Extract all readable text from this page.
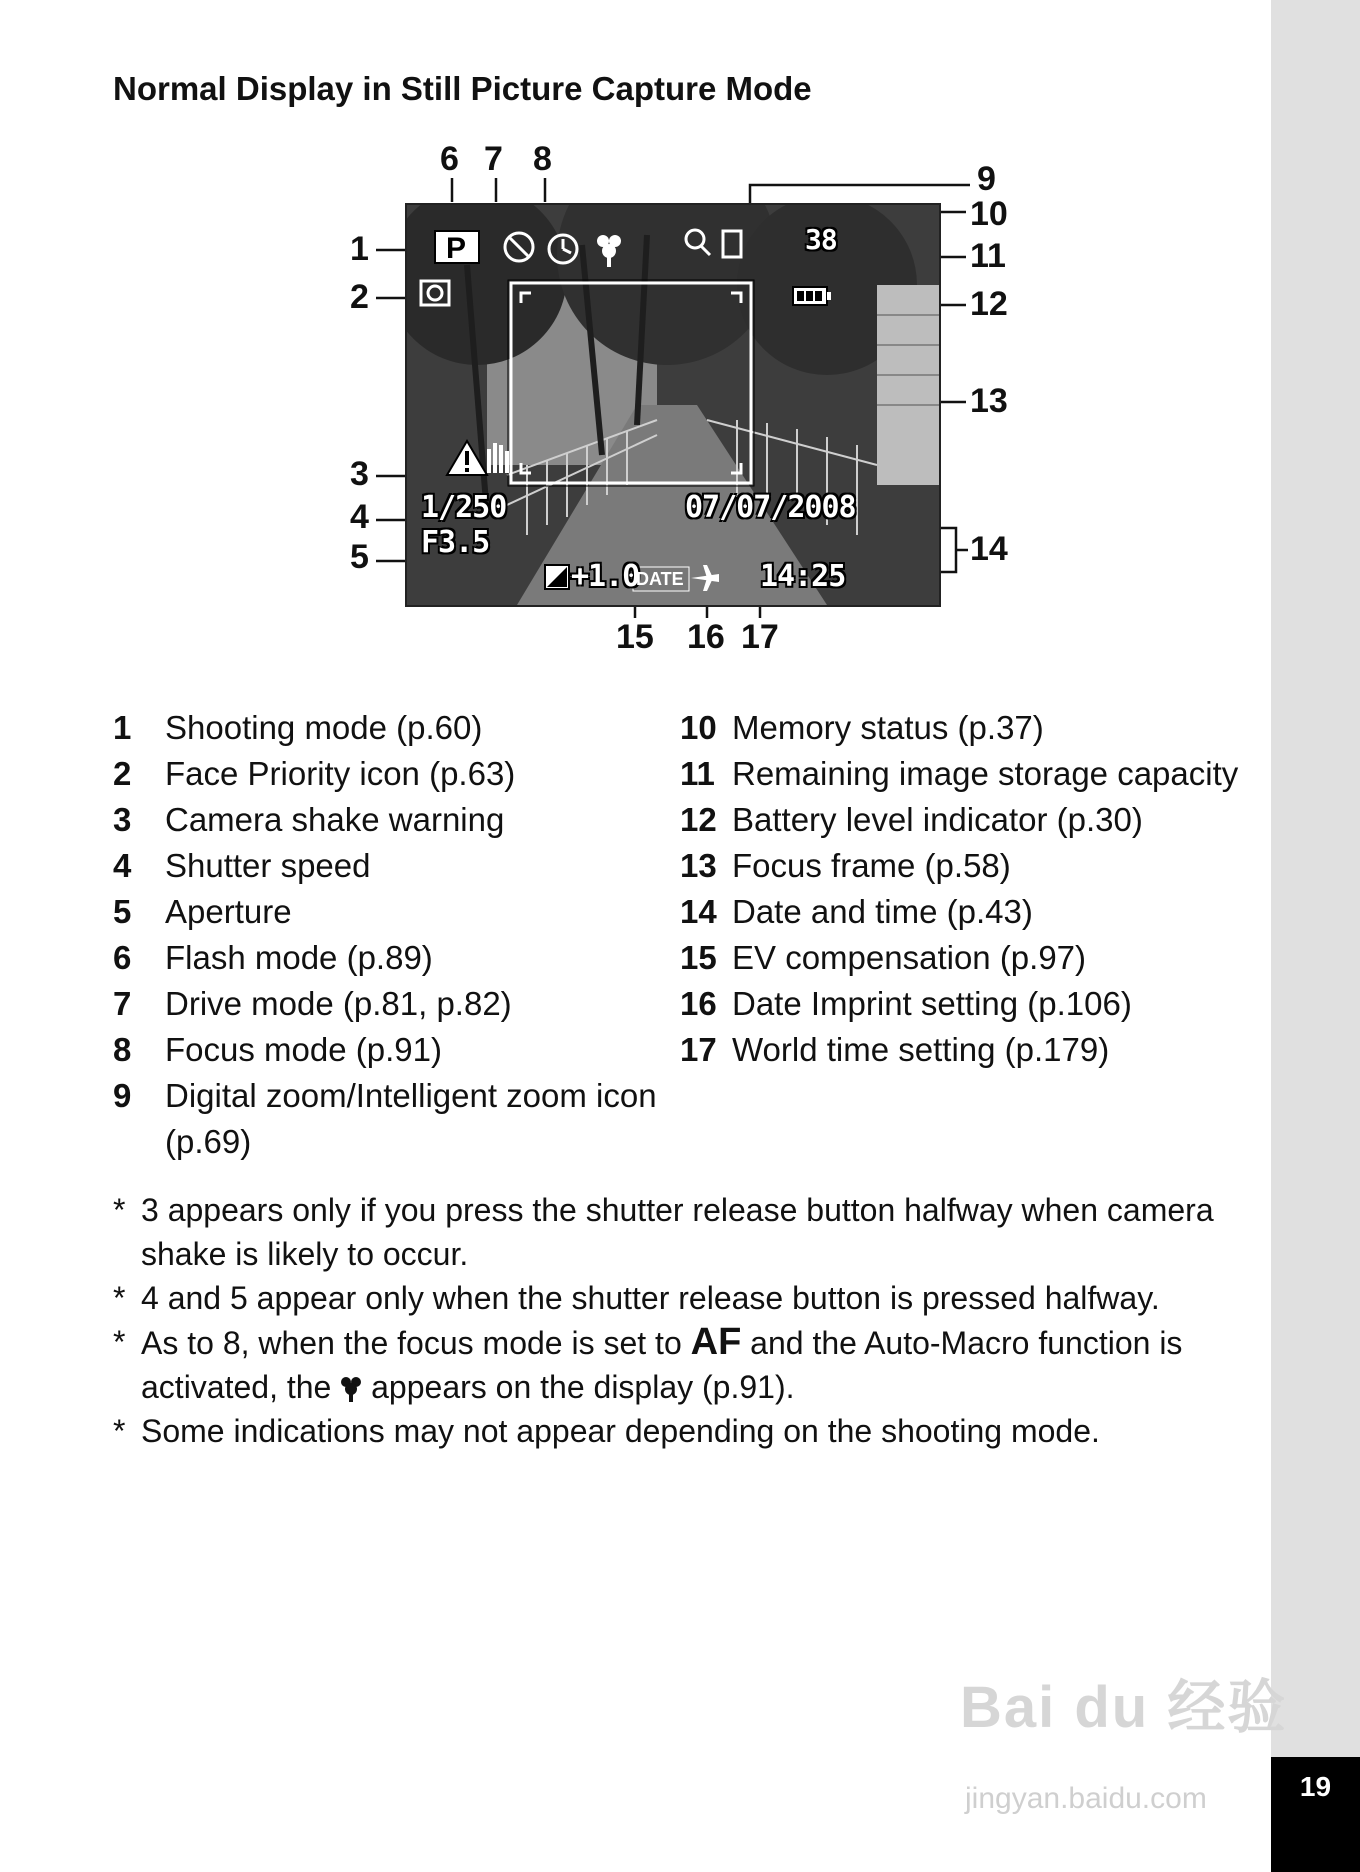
19
Normal Display in Still Picture Capture Mode
6 7 8
9
10
1	11
2	12
13
3
4
14
5
15 16 17
P	38
1/250
F3.5
+1.0
DATE
07/07/2008
14:25
1	Shooting mode (p.60)
2	Face Priority icon (p.63)
3	Camera shake warning
4	Shutter speed
5	Aperture
6	Flash mode (p.89)
7	Drive mode (p.81, p.82)
8	Focus mode (p.91)
9	Digital zoom/Intelligent zoom icon (p.69)
10 Memory status (p.37)
11 Remaining image storage capacity
12 Battery level indicator (p.30)
13 Focus frame (p.58)
14 Date and time (p.43)
15 EV compensation (p.97)
16 Date Imprint setting (p.106)
17 World time setting (p.179)
* 3 appears only if you press the shutter release button halfway when camera shake is likely to occur.
* 4 and 5 appear only when the shutter release button is pressed halfway.
* As to 8, when the focus mode is set to AF and the Auto-Macro function is activated, the appears on the display (p.91).
* Some indications may not appear depending on the shooting mode.
Bai du 经验
jingyan.baidu.com
